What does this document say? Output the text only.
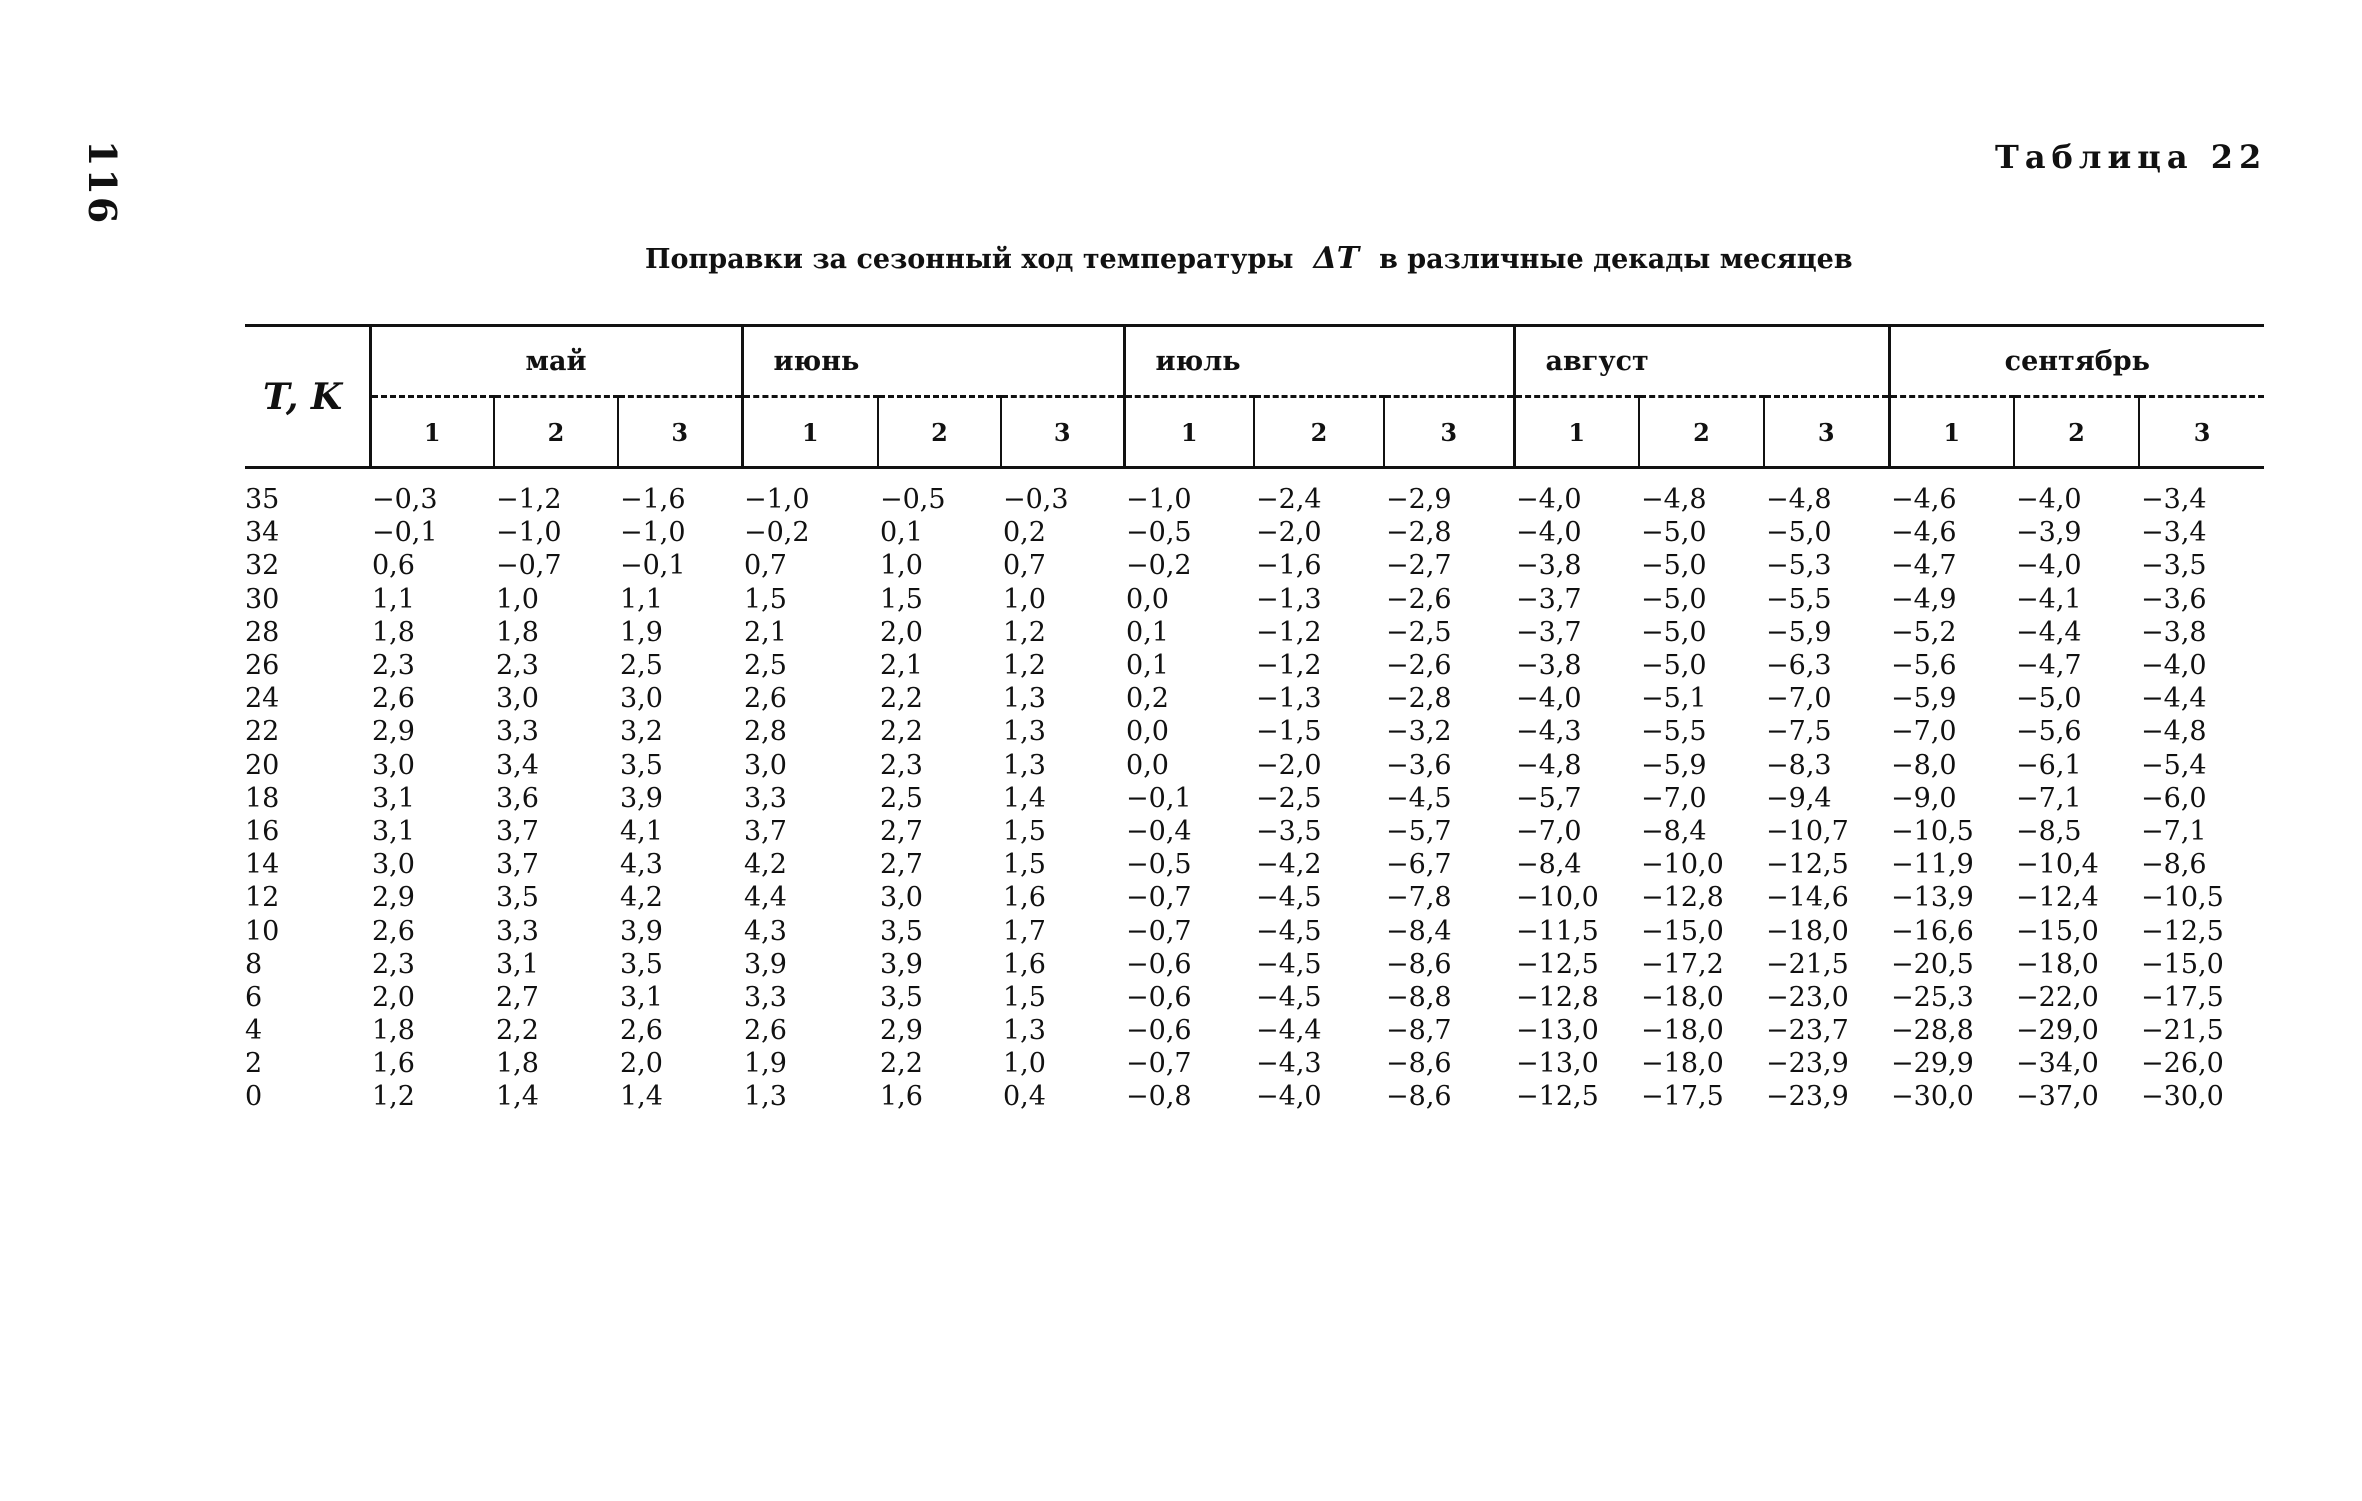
116	Таблица 22
Поправки за сезонный ход температуры ΔT в различные декады месяцев
T, K	май			июнь			июль			август			сентябрь		
	1	2	3	1	2	3	1	2	3	1	2	3	1	2	3
35	−0,3	−1,2	−1,6	−1,0	−0,5	−0,3	−1,0	−2,4	−2,9	−4,0	−4,8	−4,8	−4,6	−4,0	−3,4
34	−0,1	−1,0	−1,0	−0,2	0,1	0,2	−0,5	−2,0	−2,8	−4,0	−5,0	−5,0	−4,6	−3,9	−3,4
32	0,6	−0,7	−0,1	0,7	1,0	0,7	−0,2	−1,6	−2,7	−3,8	−5,0	−5,3	−4,7	−4,0	−3,5
30	1,1	1,0	1,1	1,5	1,5	1,0	0,0	−1,3	−2,6	−3,7	−5,0	−5,5	−4,9	−4,1	−3,6
28	1,8	1,8	1,9	2,1	2,0	1,2	0,1	−1,2	−2,5	−3,7	−5,0	−5,9	−5,2	−4,4	−3,8
26	2,3	2,3	2,5	2,5	2,1	1,2	0,1	−1,2	−2,6	−3,8	−5,0	−6,3	−5,6	−4,7	−4,0
24	2,6	3,0	3,0	2,6	2,2	1,3	0,2	−1,3	−2,8	−4,0	−5,1	−7,0	−5,9	−5,0	−4,4
22	2,9	3,3	3,2	2,8	2,2	1,3	0,0	−1,5	−3,2	−4,3	−5,5	−7,5	−7,0	−5,6	−4,8
20	3,0	3,4	3,5	3,0	2,3	1,3	0,0	−2,0	−3,6	−4,8	−5,9	−8,3	−8,0	−6,1	−5,4
18	3,1	3,6	3,9	3,3	2,5	1,4	−0,1	−2,5	−4,5	−5,7	−7,0	−9,4	−9,0	−7,1	−6,0
16	3,1	3,7	4,1	3,7	2,7	1,5	−0,4	−3,5	−5,7	−7,0	−8,4	−10,7	−10,5	−8,5	−7,1
14	3,0	3,7	4,3	4,2	2,7	1,5	−0,5	−4,2	−6,7	−8,4	−10,0	−12,5	−11,9	−10,4	−8,6
12	2,9	3,5	4,2	4,4	3,0	1,6	−0,7	−4,5	−7,8	−10,0	−12,8	−14,6	−13,9	−12,4	−10,5
10	2,6	3,3	3,9	4,3	3,5	1,7	−0,7	−4,5	−8,4	−11,5	−15,0	−18,0	−16,6	−15,0	−12,5
8	2,3	3,1	3,5	3,9	3,9	1,6	−0,6	−4,5	−8,6	−12,5	−17,2	−21,5	−20,5	−18,0	−15,0
6	2,0	2,7	3,1	3,3	3,5	1,5	−0,6	−4,5	−8,8	−12,8	−18,0	−23,0	−25,3	−22,0	−17,5
4	1,8	2,2	2,6	2,6	2,9	1,3	−0,6	−4,4	−8,7	−13,0	−18,0	−23,7	−28,8	−29,0	−21,5
2	1,6	1,8	2,0	1,9	2,2	1,0	−0,7	−4,3	−8,6	−13,0	−18,0	−23,9	−29,9	−34,0	−26,0
0	1,2	1,4	1,4	1,3	1,6	0,4	−0,8	−4,0	−8,6	−12,5	−17,5	−23,9	−30,0	−37,0	−30,0
